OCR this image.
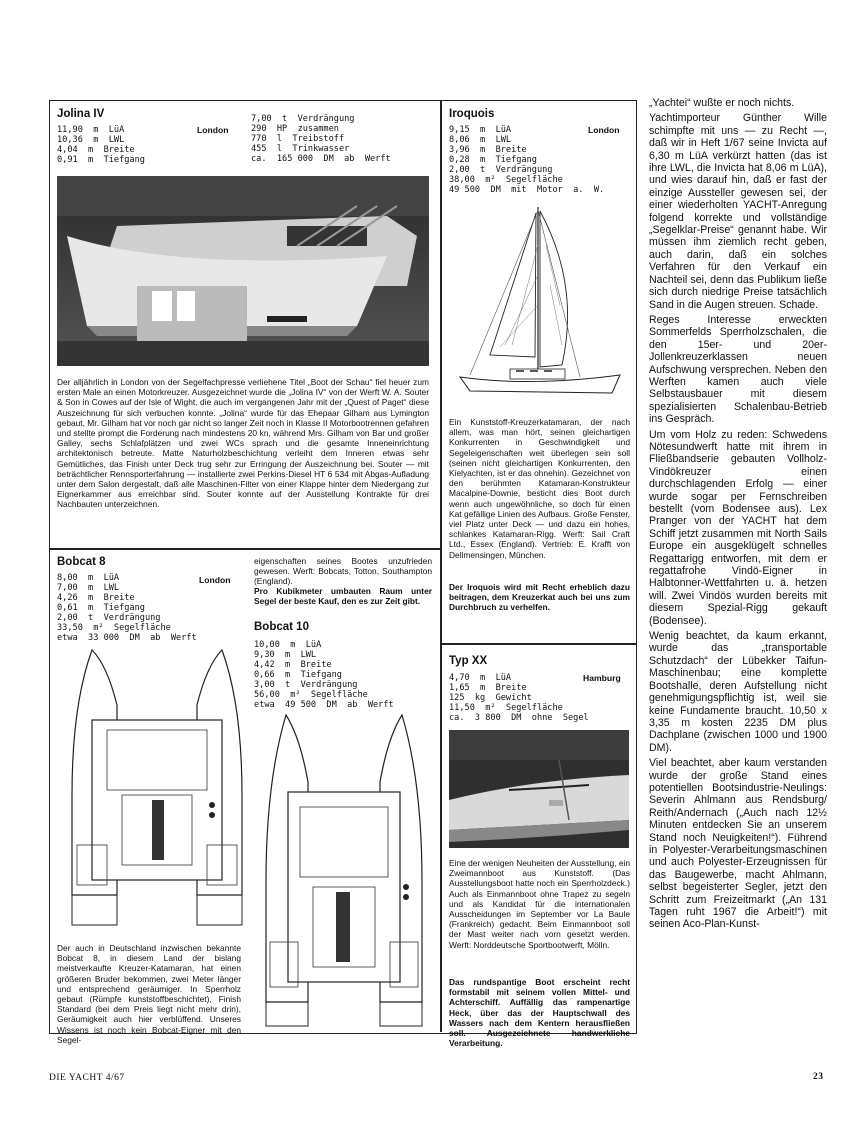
Jolina IV
11,90  m  LüA
10,36  m  LWL
4,04  m  Breite
0,91  m  Tiefgang
London
7,00  t  Verdrängung
290  HP  zusammen
770  l  Treibstoff
455  l  Trinkwasser
ca.  165 000  DM  ab  Werft

Der alljährlich in London von der Segelfachpresse verliehene Titel „Boot der Schau“ fiel heuer zum ersten Male an einen Motorkreuzer. Ausgezeichnet wurde die „Jolina IV“ von der Werft W. A. Souter & Son in Cowes auf der Isle of Wight, die auch im vergangenen Jahr mit der „Quest of Paget“ diese Auszeichnung für sich verbuchen konnte. „Jolina“ wurde für das Ehepaar Gilham aus Lymington gebaut, Mr. Gilham hat vor noch gar nicht so langer Zeit noch in Klasse II Motorbootrennen gefahren und stellte prompt die Forderung nach mindestens 20 kn, während Mrs. Gilham von Bar und großer Galley, sechs Schlafplätzen und zwei WCs sprach und die gesamte Inneneinrichtung architektonisch betreute. Matte Naturholzbeschichtung verleiht dem Inneren etwas sehr Gemütliches, das Finish unter Deck trug sehr zur Erringung der Auszeichnung bei. Souter — mit beträchtlicher Rennsporterfahrung — installierte zwei Perkins-Diesel HT 6 534 mit Abgas-Aufladung unter dem Salon dergestalt, daß alle Maschinen-Filter von einer Klappe hinter dem Niedergang zur Eignerkammer aus erreichbar sind. Souter konnte auf der Ausstellung Kontrakte für drei Nachbauten unterzeichnen.

Iroquois
9,15  m  LüA
8,06  m  LWL
3,96  m  Breite
0,28  m  Tiefgang
2,00  t  Verdrängung
38,00  m²  Segelfläche
49 500  DM  mit  Motor  a.  W.
London

Ein Kunststoff-Kreuzerkatamaran, der nach allem, was man hört, seinen gleichartigen Konkurrenten in Geschwindigkeit und Segeleigenschaften weit überlegen sein soll (seinen nicht gleichartigen Konkurrenten, den Kielyachten, ist er das ohnehin). Gezeichnet von den berühmten Katamaran-Konstrukteur Macalpine-Downie, besticht dies Boot durch wenn auch ungewöhnliche, so doch für einen Kat gefällige Linien des Aufbaus. Große Fenster, viel Platz unter Deck — und dazu ein hohes, schlankes Katamaran-Rigg. Werft: Sail Craft Ltd., Essex (England). Vertrieb: E. Krafft von Dellmensingen, München.

Der Iroquois wird mit Recht erheblich dazu beitragen, dem Kreuzerkat auch bei uns zum Durchbruch zu verhelfen.

Bobcat 8
8,00  m  LüA
7,00  m  LWL
4,26  m  Breite
0,61  m  Tiefgang
2,00  t  Verdrängung
33,50  m²  Segelfläche
etwa  33 000  DM  ab  Werft
London

Der auch in Deutschland inzwischen bekannte Bobcat 8, in diesem Land der bislang meistverkaufte Kreuzer-Katamaran, hat einen größeren Bruder bekommen, zwei Meter länger und entsprechend geräumiger. In Sperrholz gebaut (Rümpfe kunststoffbeschichtet), Finish Standard (bei dem Preis liegt nicht mehr drin), Geräumigkeit auch hier verblüffend. Unseres Wissens ist noch kein Bobcat-Eigner mit den Segel-

eigenschaften seines Bootes unzufrieden gewesen. Werft: Bobcats, Totton, Southampton (England).

Pro Kubikmeter umbauten Raum unter Segel der beste Kauf, den es zur Zeit gibt.

Bobcat 10
10,00  m  LüA
9,30  m  LWL
4,42  m  Breite
0,66  m  Tiefgang
3,00  t  Verdrängung
56,00  m²  Segelfläche
etwa  49 500  DM  ab  Werft
Typ XX
4,70  m  LüA
1,65  m  Breite
125  kg  Gewicht
11,50  m²  Segelfläche
ca.  3 800  DM  ohne  Segel
Hamburg

Eine der wenigen Neuheiten der Ausstellung, ein Zweimannboot aus Kunststoff. (Das Ausstellungsboot hatte noch ein Sperrholzdeck.) Auch als Einmannboot ohne Trapez zu segeln und als Kandidat für die internationalen Ausscheidungen im September vor La Baule (Frankreich) gedacht. Beim Einmannboot soll der Mast weiter nach vorn gesetzt werden. Werft: Norddeutsche Sportbootwerft, Mölln.

Das rundspantige Boot erscheint recht formstabil mit seinem vollen Mittel- und Achterschiff. Auffällig das rampenartige Heck, über das der Hauptschwall des Wassers nach dem Kentern herausfließen soll. Ausgezeichnete handwerkliche Verarbeitung.

„Yachtei“ wußte er noch nichts.

Yachtimporteur Günther Wille schimpfte mit uns — zu Recht —, daß wir in Heft 1/67 seine Invicta auf 6,30 m LüA verkürzt hatten (das ist ihre LWL, die Invicta hat 8,06 m LüA), und wies darauf hin, daß er fast der einzige Aussteller gewesen sei, der einer wiederholten YACHT-Anregung folgend korrekte und vollständige „Segelklar-Preise“ genannt habe. Wir müssen ihm ziemlich recht geben, auch darin, daß ein solches Verfahren für den Verkauf ein Nachteil sei, denn das Publikum ließe sich durch niedrige Preise tatsächlich Sand in die Augen streuen. Schade.

Reges Interesse erweckten Sommerfelds Sperrholzschalen, die den 15er- und 20er-Jollenkreuzerklassen neuen Aufschwung versprechen. Neben den Werften kamen auch viele Selbstausbauer mit diesem spezialisierten Schalenbau-Betrieb ins Gespräch.

Um vom Holz zu reden: Schwedens Nötesundwerft hatte mit ihrem in Fließbandserie gebauten Vollholz-Vindökreuzer einen durchschlagenden Erfolg — einer wurde sogar per Fernschreiben bestellt (vom Bodensee aus). Lex Pranger von der YACHT hat dem Schiff jetzt zusammen mit North Sails Europe ein ausgeklügelt schnelles Regattarigg entworfen, mit dem er regattafrohe Vindö-Eigner in Halbtonner-Wettfahrten u. ä. hetzen will. Zwei Vindös wurden bereits mit diesem Spezial-Rigg gekauft (Bodensee).

Wenig beachtet, da kaum erkannt, wurde das „transportable Schutzdach“ der Lübekker Taifun-Maschinenbau; eine komplette Bootshalle, deren Aufstellung nicht genehmigungspflichtig ist, weil sie keine Fundamente braucht. 10,50 x 3,35 m kosten 2235 DM plus Dachplane (zwischen 1000 und 1900 DM).

Viel beachtet, aber kaum verstanden wurde der große Stand eines potentiellen Bootsindustrie-Neulings: Severin Ahlmann aus Rendsburg/ Reith/Andernach („Auch nach 12½ Minuten entdecken Sie an unserem Stand noch Neuigkeiten!“). Führend in Polyester-Verarbeitungsmaschinen und auch Polyester-Erzeugnissen für das Baugewerbe, macht Ahlmann, selbst begeisterter Segler, jetzt den Schritt zum Freizeitmarkt („An 131 Tagen ruht 1967 die Arbeit!“) mit seinen Aco-Plan-Kunst-

DIE YACHT 4/67	23
